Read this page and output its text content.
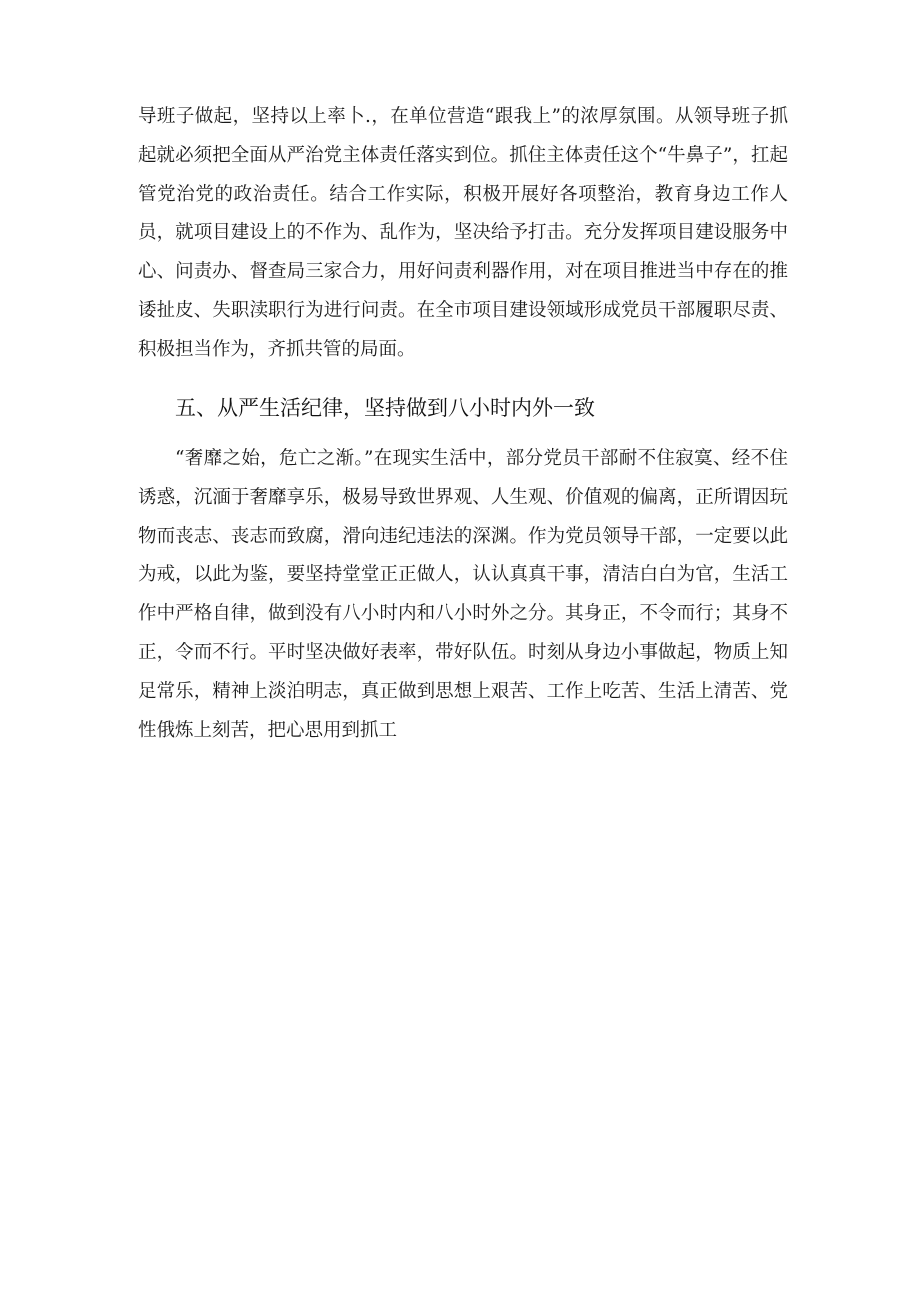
导班子做起，坚持以上率卜.，在单位营造“跟我上”的浓厚氛围。从领导班子抓起就必须把全面从严治党主体责任落实到位。抓住主体责任这个“牛鼻子”，扛起管党治党的政治责任。结合工作实际，积极开展好各项整治，教育身边工作人员，就项目建设上的不作为、乱作为，坚决给予打击。充分发挥项目建设服务中心、问责办、督查局三家合力，用好问责利器作用，对在项目推进当中存在的推诿扯皮、失职渎职行为进行问责。在全市项目建设领域形成党员干部履职尽责、积极担当作为，齐抓共管的局面。

五、从严生活纪律，坚持做到八小时内外一致

“奢靡之始，危亡之渐。”在现实生活中，部分党员干部耐不住寂寞、经不住诱惑，沉湎于奢靡享乐，极易导致世界观、人生观、价值观的偏离，正所谓因玩物而丧志、丧志而致腐，滑向违纪违法的深渊。作为党员领导干部，一定要以此为戒，以此为鉴，要坚持堂堂正正做人，认认真真干事，清洁白白为官，生活工作中严格自律，做到没有八小时内和八小时外之分。其身正，不令而行；其身不正，令而不行。平时坚决做好表率，带好队伍。时刻从身边小事做起，物质上知足常乐，精神上淡泊明志，真正做到思想上艰苦、工作上吃苦、生活上清苦、党性俄炼上刻苦，把心思用到抓工
